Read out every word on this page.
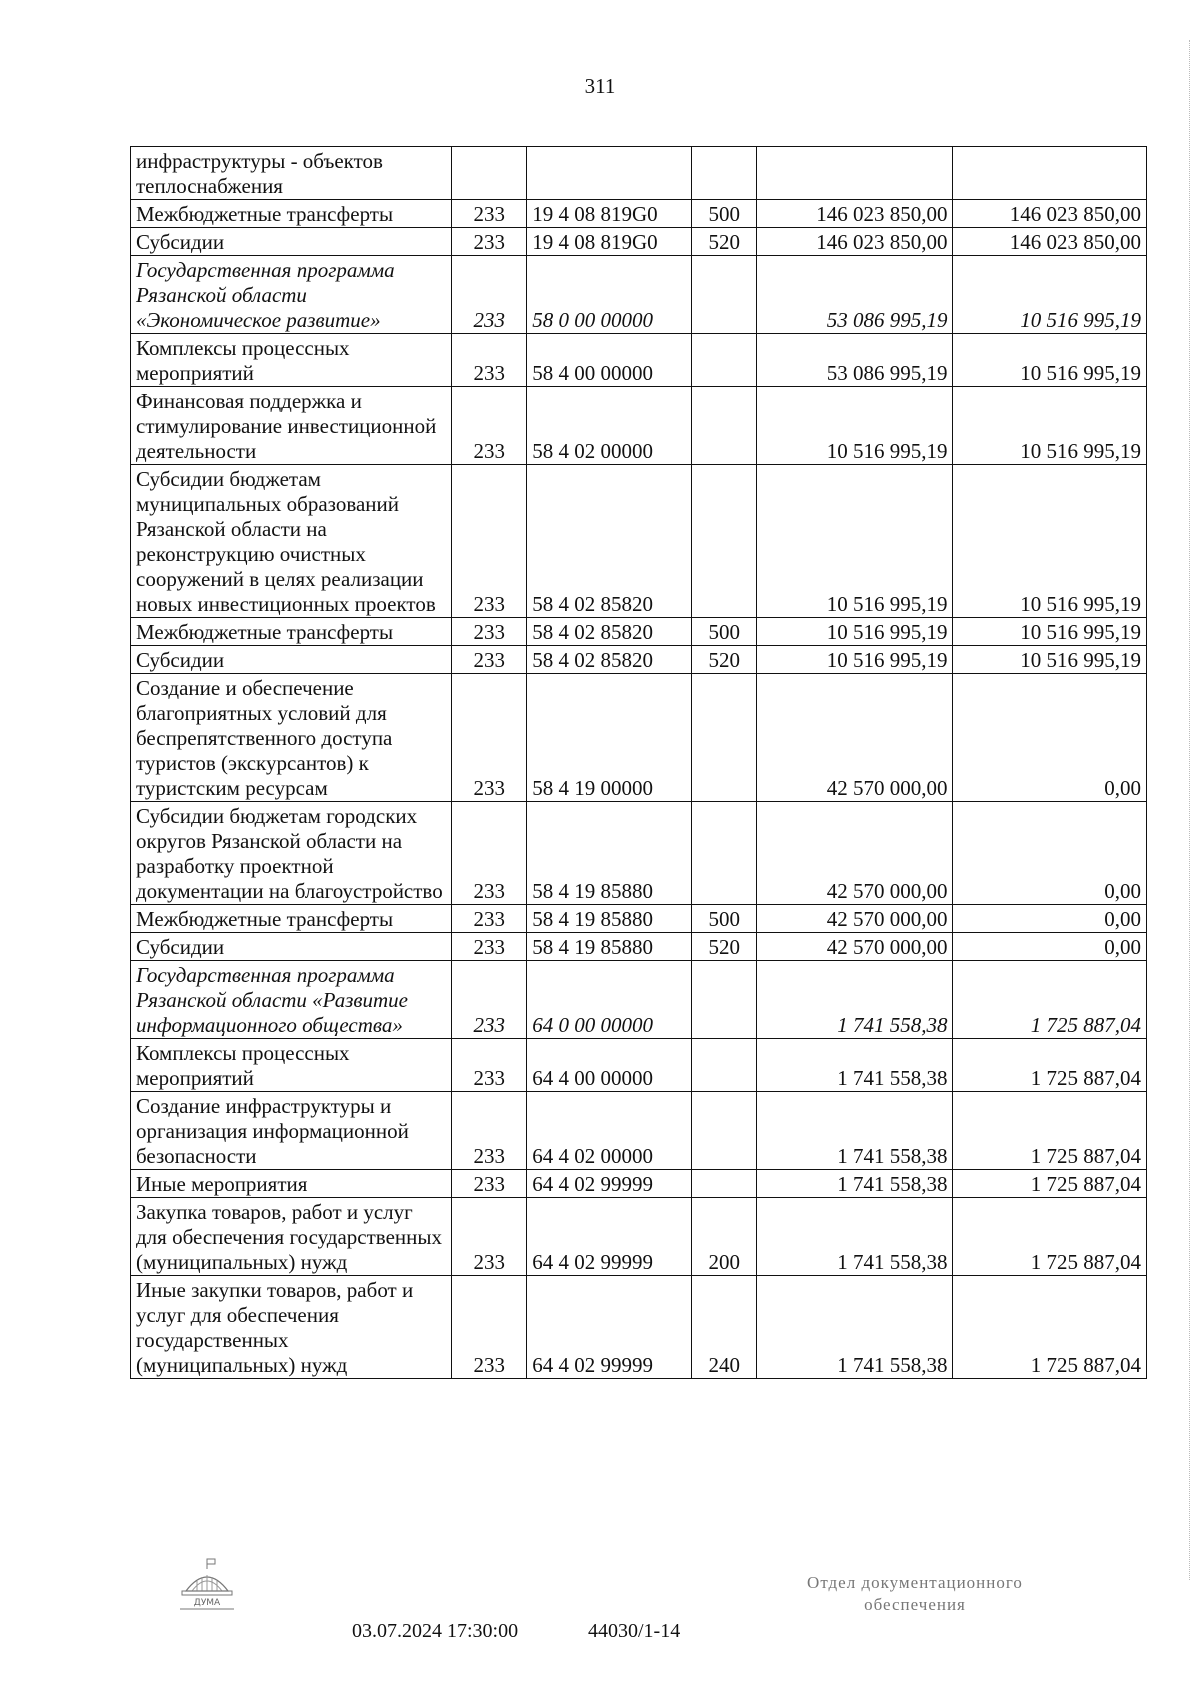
311
инфраструктуры - объектов теплоснабжения					
Межбюджетные трансферты	233	19 4 08 819G0	500	146 023 850,00	146 023 850,00
Субсидии	233	19 4 08 819G0	520	146 023 850,00	146 023 850,00
Государственная программа Рязанской области «Экономическое развитие»	233	58 0 00 00000		53 086 995,19	10 516 995,19
Комплексы процессных мероприятий	233	58 4 00 00000		53 086 995,19	10 516 995,19
Финансовая поддержка и стимулирование инвестиционной деятельности	233	58 4 02 00000		10 516 995,19	10 516 995,19
Субсидии бюджетам муниципальных образований Рязанской области на реконструкцию очистных сооружений в целях реализации новых инвестиционных проектов	233	58 4 02 85820		10 516 995,19	10 516 995,19
Межбюджетные трансферты	233	58 4 02 85820	500	10 516 995,19	10 516 995,19
Субсидии	233	58 4 02 85820	520	10 516 995,19	10 516 995,19
Создание и обеспечение благоприятных условий для беспрепятственного доступа туристов (экскурсантов) к туристским ресурсам	233	58 4 19 00000		42 570 000,00	0,00
Субсидии бюджетам городских округов Рязанской области на разработку проектной документации на благоустройство	233	58 4 19 85880		42 570 000,00	0,00
Межбюджетные трансферты	233	58 4 19 85880	500	42 570 000,00	0,00
Субсидии	233	58 4 19 85880	520	42 570 000,00	0,00
Государственная программа Рязанской области «Развитие информационного общества»	233	64 0 00 00000		1 741 558,38	1 725 887,04
Комплексы процессных мероприятий	233	64 4 00 00000		1 741 558,38	1 725 887,04
Создание инфраструктуры и организация информационной безопасности	233	64 4 02 00000		1 741 558,38	1 725 887,04
Иные мероприятия	233	64 4 02 99999		1 741 558,38	1 725 887,04
Закупка товаров, работ и услуг для обеспечения государственных (муниципальных) нужд	233	64 4 02 99999	200	1 741 558,38	1 725 887,04
Иные закупки товаров, работ и услуг для обеспечения государственных (муниципальных) нужд	233	64 4 02 99999	240	1 741 558,38	1 725 887,04
ДУМА
03.07.2024 17:30:00	44030/1-14
Отдел документационного
обеспечения
